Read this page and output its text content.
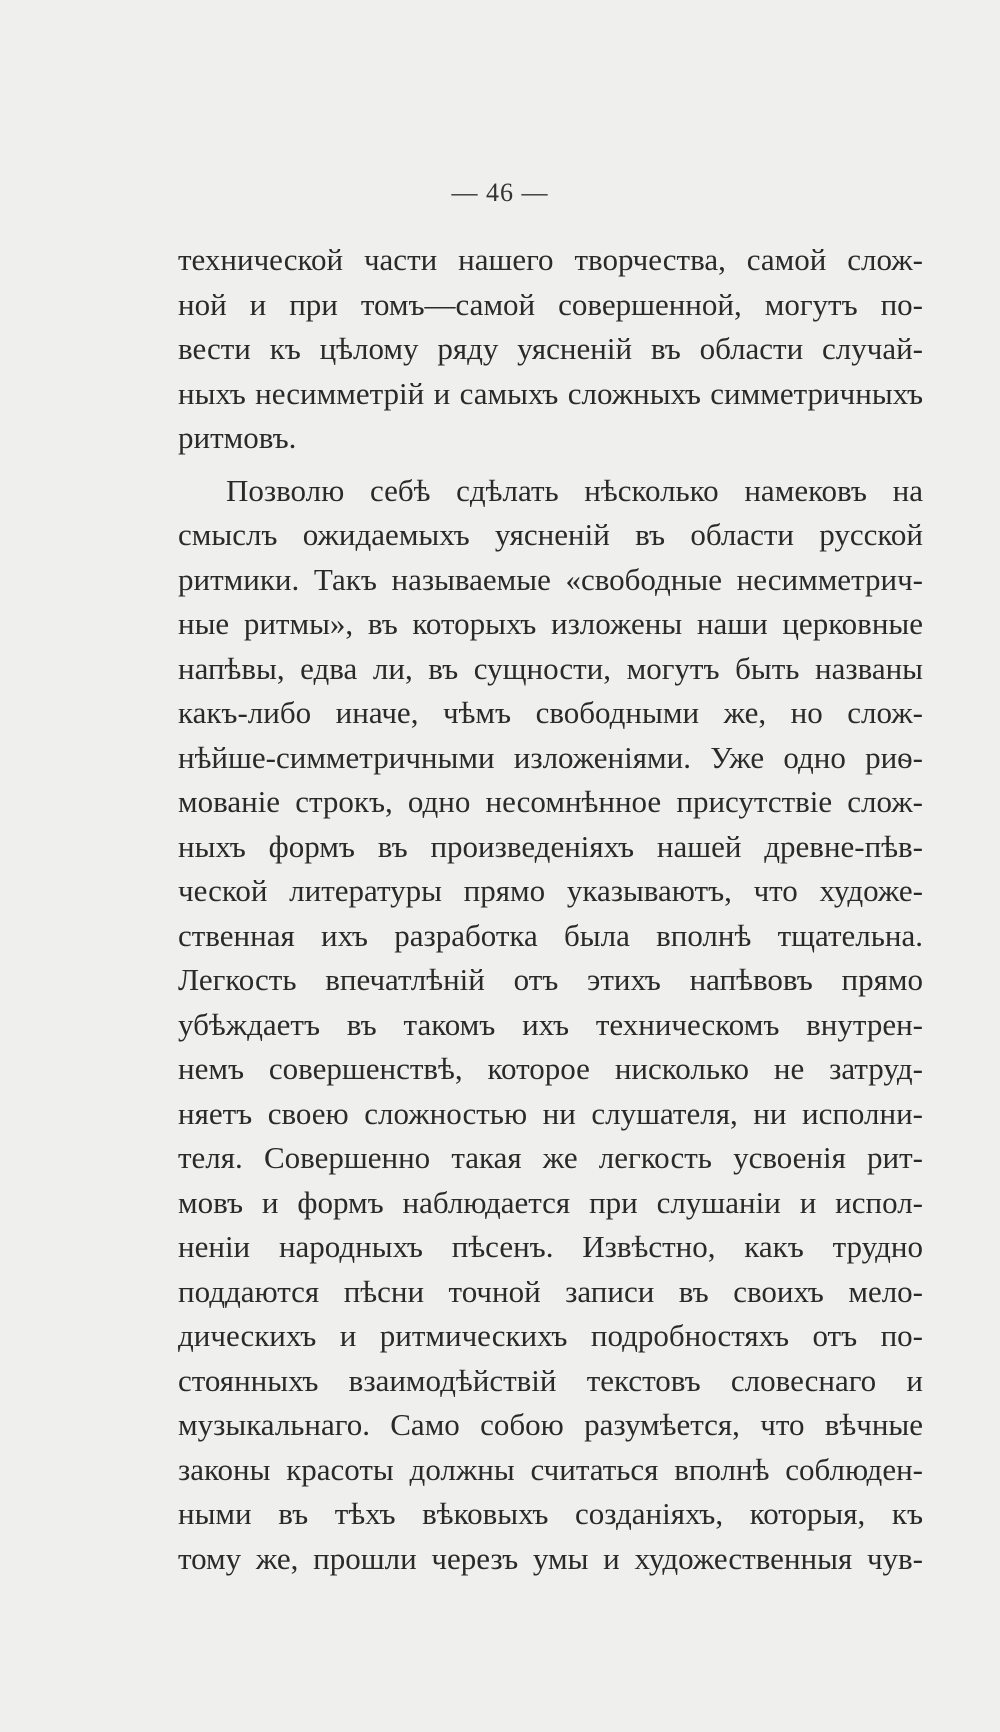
— 46 —
технической части нашего творчества, самой слож-
ной и при томъ—самой совершенной, могутъ по-
вести къ цѣлому ряду уясненій въ области случай-
ныхъ несимметрій и самыхъ сложныхъ симметричныхъ
ритмовъ.
Позволю себѣ сдѣлать нѣсколько намековъ на
смыслъ ожидаемыхъ уясненій въ области русской
ритмики. Такъ называемые «свободные несимметрич-
ные ритмы», въ которыхъ изложены наши церковные
напѣвы, едва ли, въ сущности, могутъ быть названы
какъ-либо иначе, чѣмъ свободными же, но слож-
нѣйше-симметричными изложеніями. Уже одно риѳ-
мованіе строкъ, одно несомнѣнное присутствіе слож-
ныхъ формъ въ произведеніяхъ нашей древне-пѣв-
ческой литературы прямо указываютъ, что художе-
ственная ихъ разработка была вполнѣ тщательна.
Легкость впечатлѣній отъ этихъ напѣвовъ прямо
убѣждаетъ въ такомъ ихъ техническомъ внутрен-
немъ совершенствѣ, которое нисколько не затруд-
няетъ своею сложностью ни слушателя, ни исполни-
теля. Совершенно такая же легкость усвоенія рит-
мовъ и формъ наблюдается при слушаніи и испол-
неніи народныхъ пѣсенъ. Извѣстно, какъ трудно
поддаются пѣсни точной записи въ своихъ мело-
дическихъ и ритмическихъ подробностяхъ отъ по-
стоянныхъ взаимодѣйствій текстовъ словеснаго и
музыкальнаго. Само собою разумѣется, что вѣчные
законы красоты должны считаться вполнѣ соблюден-
ными въ тѣхъ вѣковыхъ созданіяхъ, которыя, къ
тому же, прошли черезъ умы и художественныя чув-
